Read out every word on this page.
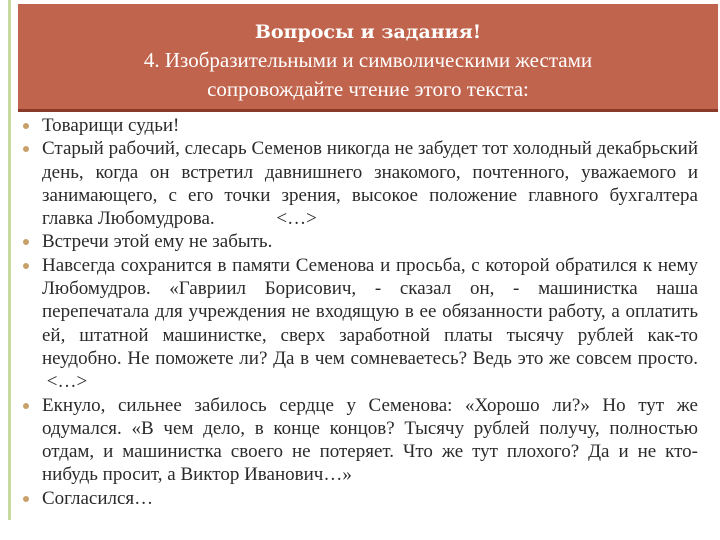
Вопросы и задания!
4. Изобразительными и символическими жестами сопровождайте чтение этого текста:
Товарищи судьи!
Старый рабочий, слесарь Семенов никогда не забудет тот холодный декабрьский день, когда он встретил давнишнего знакомого, почтенного, уважаемого и занимающего, с его точки зрения, высокое положение главного бухгалтера главка Любомудрова.	<…>
Встречи этой ему не забыть.
Навсегда сохранится в памяти Семенова и просьба, с которой обратился к нему Любомудров. «Гавриил Борисович, - сказал он, - машинистка наша перепечатала для учреждения не входящую в ее обязанности работу, а оплатить ей, штатной машинистке, сверх заработной платы тысячу рублей как-то неудобно. Не поможете ли? Да в чем сомневаетесь? Ведь это же совсем просто.  <…>
Екнуло, сильнее забилось сердце у Семенова: «Хорошо ли?» Но тут же одумался. «В чем дело, в конце концов? Тысячу рублей получу, полностью отдам, и машинистка своего не потеряет. Что же тут плохого? Да и не кто-нибудь просит, а Виктор Иванович…»
Согласился…
